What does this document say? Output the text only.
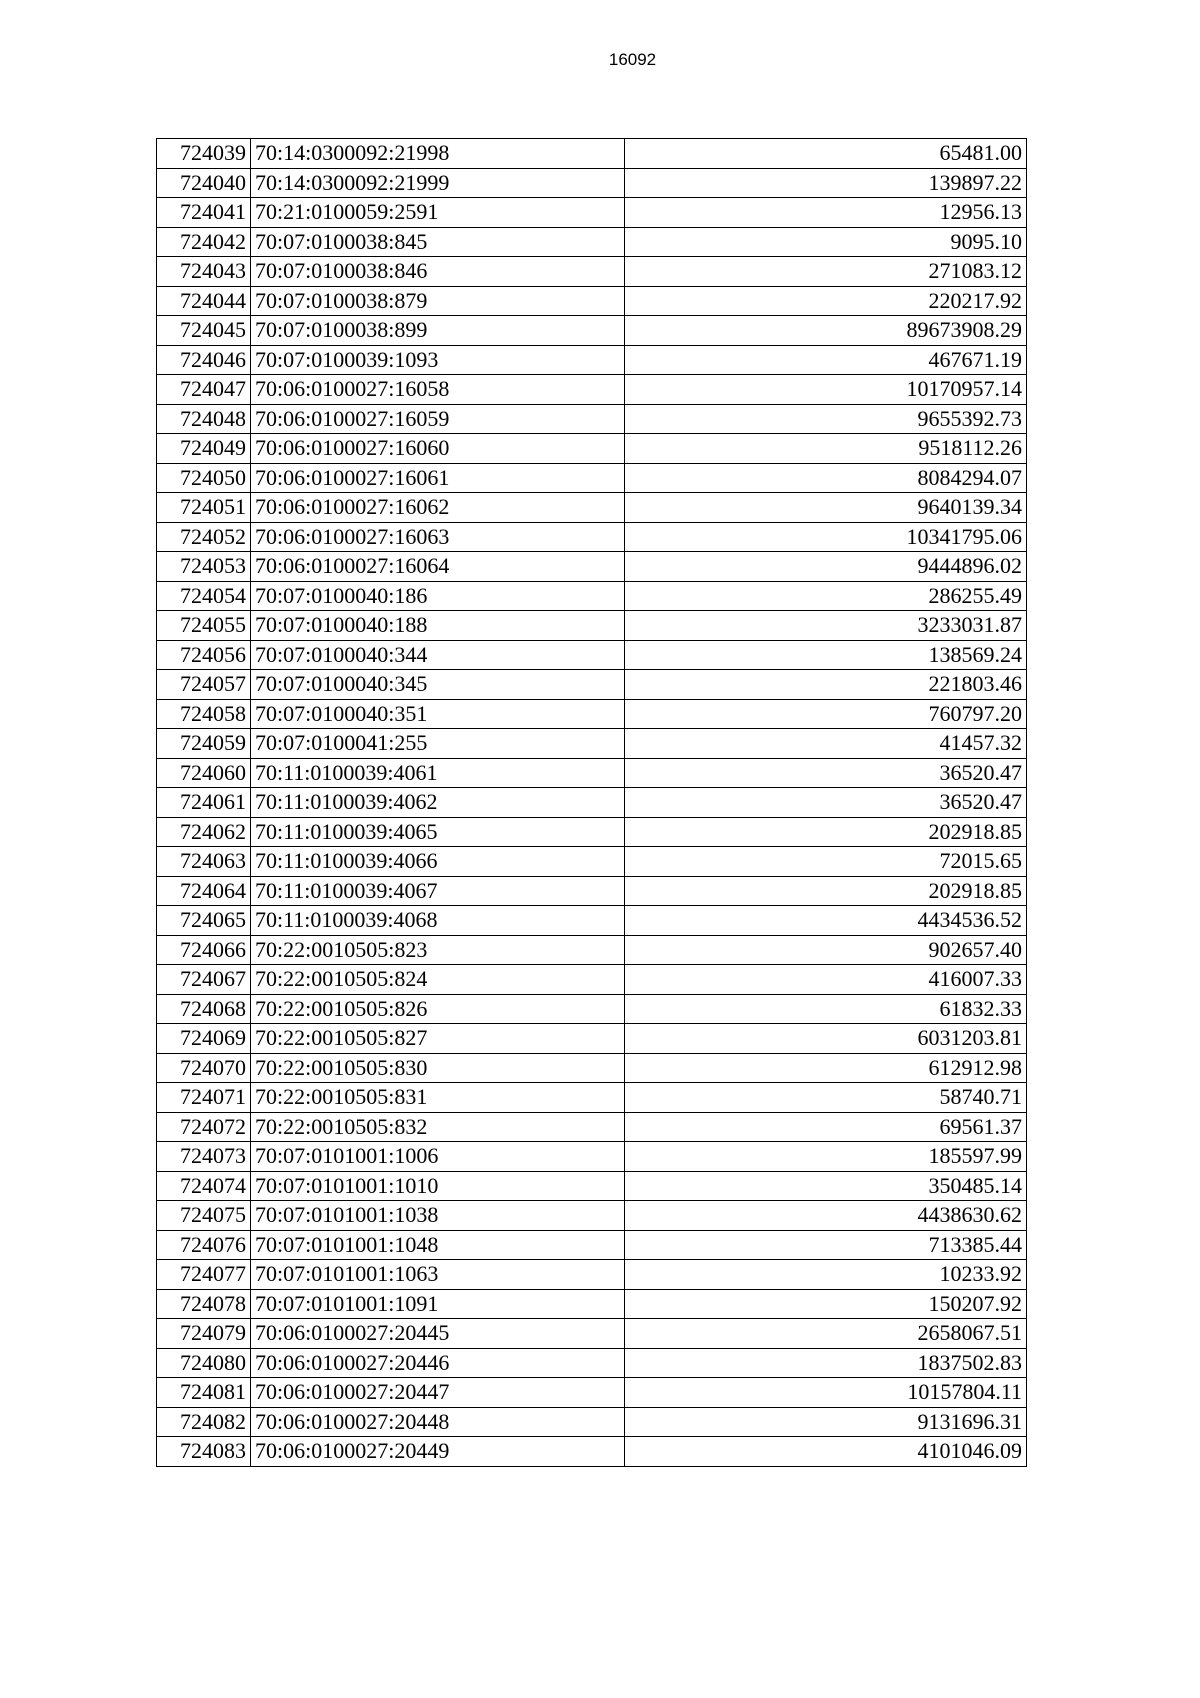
16092
724039	70:14:0300092:21998	65481.00
724040	70:14:0300092:21999	139897.22
724041	70:21:0100059:2591	12956.13
724042	70:07:0100038:845	9095.10
724043	70:07:0100038:846	271083.12
724044	70:07:0100038:879	220217.92
724045	70:07:0100038:899	89673908.29
724046	70:07:0100039:1093	467671.19
724047	70:06:0100027:16058	10170957.14
724048	70:06:0100027:16059	9655392.73
724049	70:06:0100027:16060	9518112.26
724050	70:06:0100027:16061	8084294.07
724051	70:06:0100027:16062	9640139.34
724052	70:06:0100027:16063	10341795.06
724053	70:06:0100027:16064	9444896.02
724054	70:07:0100040:186	286255.49
724055	70:07:0100040:188	3233031.87
724056	70:07:0100040:344	138569.24
724057	70:07:0100040:345	221803.46
724058	70:07:0100040:351	760797.20
724059	70:07:0100041:255	41457.32
724060	70:11:0100039:4061	36520.47
724061	70:11:0100039:4062	36520.47
724062	70:11:0100039:4065	202918.85
724063	70:11:0100039:4066	72015.65
724064	70:11:0100039:4067	202918.85
724065	70:11:0100039:4068	4434536.52
724066	70:22:0010505:823	902657.40
724067	70:22:0010505:824	416007.33
724068	70:22:0010505:826	61832.33
724069	70:22:0010505:827	6031203.81
724070	70:22:0010505:830	612912.98
724071	70:22:0010505:831	58740.71
724072	70:22:0010505:832	69561.37
724073	70:07:0101001:1006	185597.99
724074	70:07:0101001:1010	350485.14
724075	70:07:0101001:1038	4438630.62
724076	70:07:0101001:1048	713385.44
724077	70:07:0101001:1063	10233.92
724078	70:07:0101001:1091	150207.92
724079	70:06:0100027:20445	2658067.51
724080	70:06:0100027:20446	1837502.83
724081	70:06:0100027:20447	10157804.11
724082	70:06:0100027:20448	9131696.31
724083	70:06:0100027:20449	4101046.09
